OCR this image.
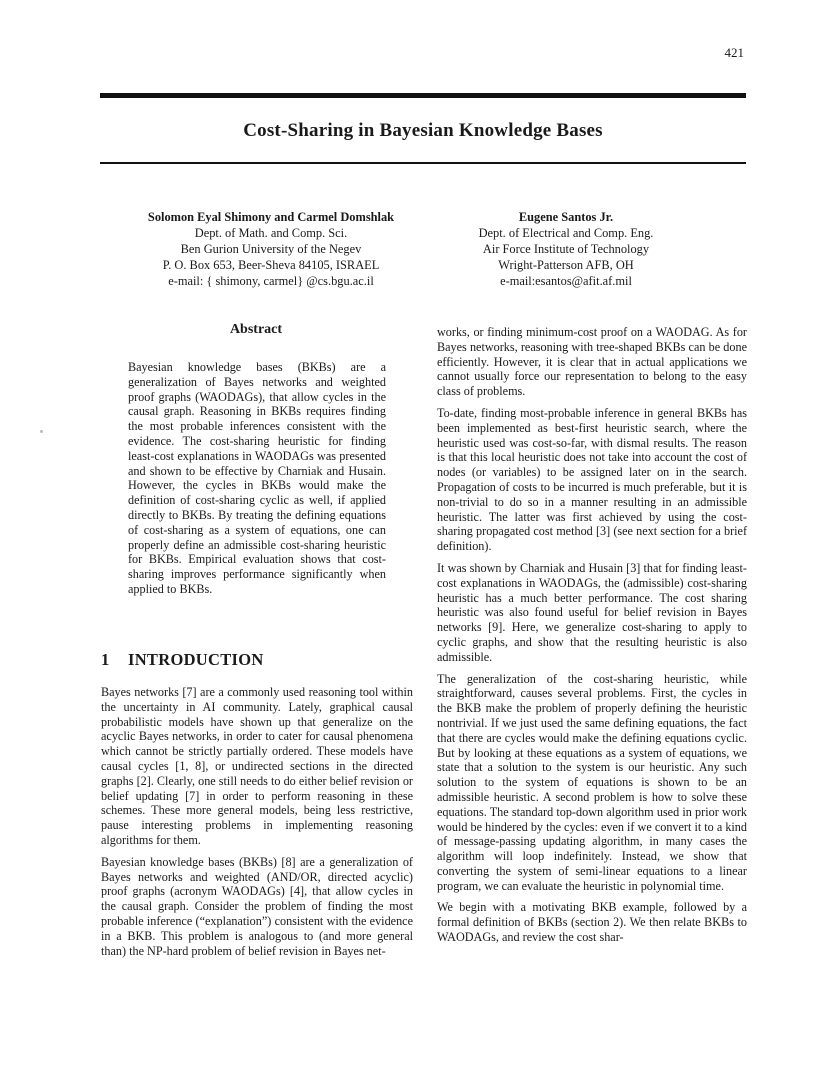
421
Cost-Sharing in Bayesian Knowledge Bases
Solomon Eyal Shimony and Carmel Domshlak
Dept. of Math. and Comp. Sci.
Ben Gurion University of the Negev
P. O. Box 653, Beer-Sheva 84105, ISRAEL
e-mail: { shimony, carmel} @cs.bgu.ac.il
Eugene Santos Jr.
Dept. of Electrical and Comp. Eng.
Air Force Institute of Technology
Wright-Patterson AFB, OH
e-mail:esantos@afit.af.mil
Abstract

Bayesian knowledge bases (BKBs) are a generalization of Bayes networks and weighted proof graphs (WAODAGs), that allow cycles in the causal graph. Reasoning in BKBs requires finding the most probable inferences consistent with the evidence. The cost-sharing heuristic for finding least-cost explanations in WAODAGs was presented and shown to be effective by Charniak and Husain. However, the cycles in BKBs would make the definition of cost-sharing cyclic as well, if applied directly to BKBs. By treating the defining equations of cost-sharing as a system of equations, one can properly define an admissible cost-sharing heuristic for BKBs. Empirical evaluation shows that cost-sharing improves performance significantly when applied to BKBs.

1 INTRODUCTION

Bayes networks [7] are a commonly used reasoning tool within the uncertainty in AI community. Lately, graphical causal probabilistic models have shown up that generalize on the acyclic Bayes networks, in order to cater for causal phenomena which cannot be strictly partially ordered. These models have causal cycles [1, 8], or undirected sections in the directed graphs [2]. Clearly, one still needs to do either belief revision or belief updating [7] in order to perform reasoning in these schemes. These more general models, being less restrictive, pause interesting problems in implementing reasoning algorithms for them.

Bayesian knowledge bases (BKBs) [8] are a generalization of Bayes networks and weighted (AND/OR, directed acyclic) proof graphs (acronym WAODAGs) [4], that allow cycles in the causal graph. Consider the problem of finding the most probable inference (“explanation”) consistent with the evidence in a BKB. This problem is analogous to (and more general than) the NP-hard problem of belief revision in Bayes net-

works, or finding minimum-cost proof on a WAODAG. As for Bayes networks, reasoning with tree-shaped BKBs can be done efficiently. However, it is clear that in actual applications we cannot usually force our representation to belong to the easy class of problems.

To-date, finding most-probable inference in general BKBs has been implemented as best-first heuristic search, where the heuristic used was cost-so-far, with dismal results. The reason is that this local heuristic does not take into account the cost of nodes (or variables) to be assigned later on in the search. Propagation of costs to be incurred is much preferable, but it is non-trivial to do so in a manner resulting in an admissible heuristic. The latter was first achieved by using the cost-sharing propagated cost method [3] (see next section for a brief definition).

It was shown by Charniak and Husain [3] that for finding least-cost explanations in WAODAGs, the (admissible) cost-sharing heuristic has a much better performance. The cost sharing heuristic was also found useful for belief revision in Bayes networks [9]. Here, we generalize cost-sharing to apply to cyclic graphs, and show that the resulting heuristic is also admissible.

The generalization of the cost-sharing heuristic, while straightforward, causes several problems. First, the cycles in the BKB make the problem of properly defining the heuristic nontrivial. If we just used the same defining equations, the fact that there are cycles would make the defining equations cyclic. But by looking at these equations as a system of equations, we state that a solution to the system is our heuristic. Any such solution to the system of equations is shown to be an admissible heuristic. A second problem is how to solve these equations. The standard top-down algorithm used in prior work would be hindered by the cycles: even if we convert it to a kind of message-passing updating algorithm, in many cases the algorithm will loop indefinitely. Instead, we show that converting the system of semi-linear equations to a linear program, we can evaluate the heuristic in polynomial time.

We begin with a motivating BKB example, followed by a formal definition of BKBs (section 2). We then relate BKBs to WAODAGs, and review the cost shar-
